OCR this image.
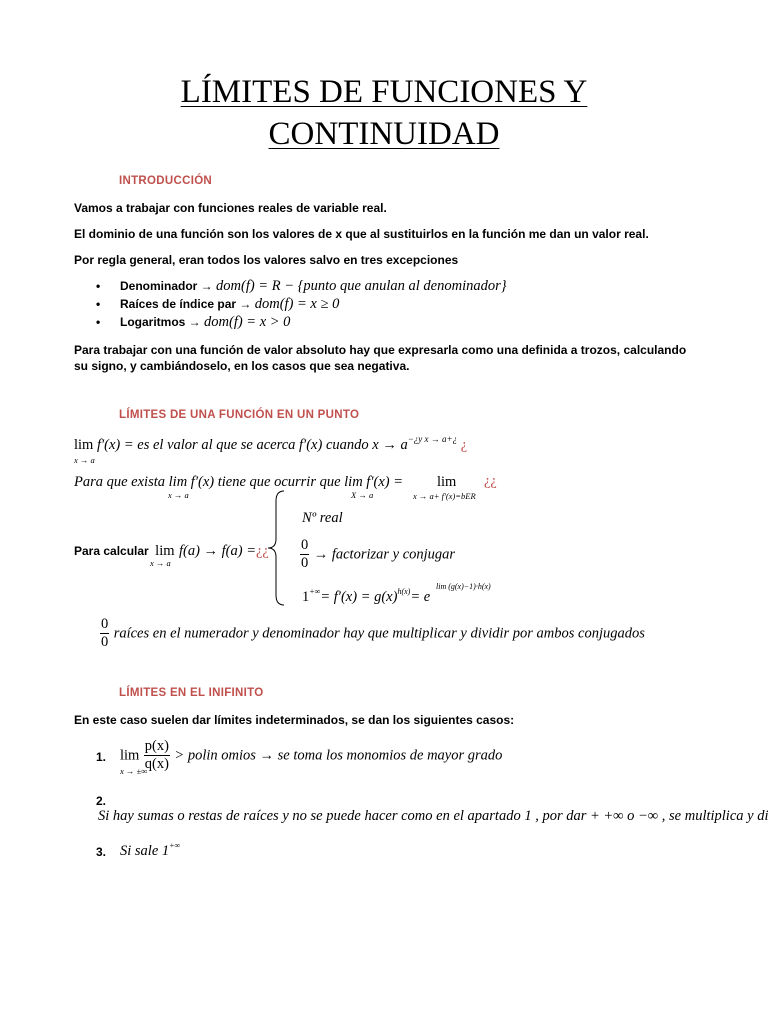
LÍMITES DE FUNCIONES Y
CONTINUIDAD
INTRODUCCIÓN
Vamos a trabajar con funciones reales de variable real.
El dominio de una función son los valores de x que al sustituirlos en la función me dan un valor real.
Por regla general, eran todos los valores salvo en tres excepciones
• Denominador → dom(f) = R − {punto que anulan al denominador}
• Raíces de índice par → dom(f) = x ≥ 0
• Logaritmos → dom(f) = x > 0
Para trabajar con una función de valor absoluto hay que expresarla como una definida a trozos, calculando su signo, y cambiándoselo, en los casos que sea negativa.
LÍMITES DE UNA FUNCIÓN EN UN PUNTO
lim f′(x) = es el valor al que se acerca f′(x) cuando $x \to a^{-¿y x \to a+¿}$ ¿
x → a
Para que exista lim f′(x) tiene que ocurrir que lim f′(x) =
x → a	X → a
lim
x → a+ f′(x)=bER
¿¿
Para calcular lim f(a) → f(a) =¿¿
x → a
Nº real
$\frac{0}{0}$ → factorizar y conjugar
$1^{+\infty}= f'(x) = g(x)^{h(x)}= e$
lim (g(x)−1)·h(x)
$\frac{0}{0}$ raíces en el numerador y denominador hay que multiplicar y dividir por ambos conjugados
LÍMITES EN EL INIFINITO
En este caso suelen dar límites indeterminados, se dan los siguientes casos:
1. $\lim \frac{p(x)}{q(x)}$ > polin omios → se toma los monomios de mayor grado
x → ±∞
2.
Si hay sumas o restas de raíces y no se puede hacer como en el apartado 1 , por dar + +∞ o −∞ , se multiplica y di
3. Si sale 1+∞
